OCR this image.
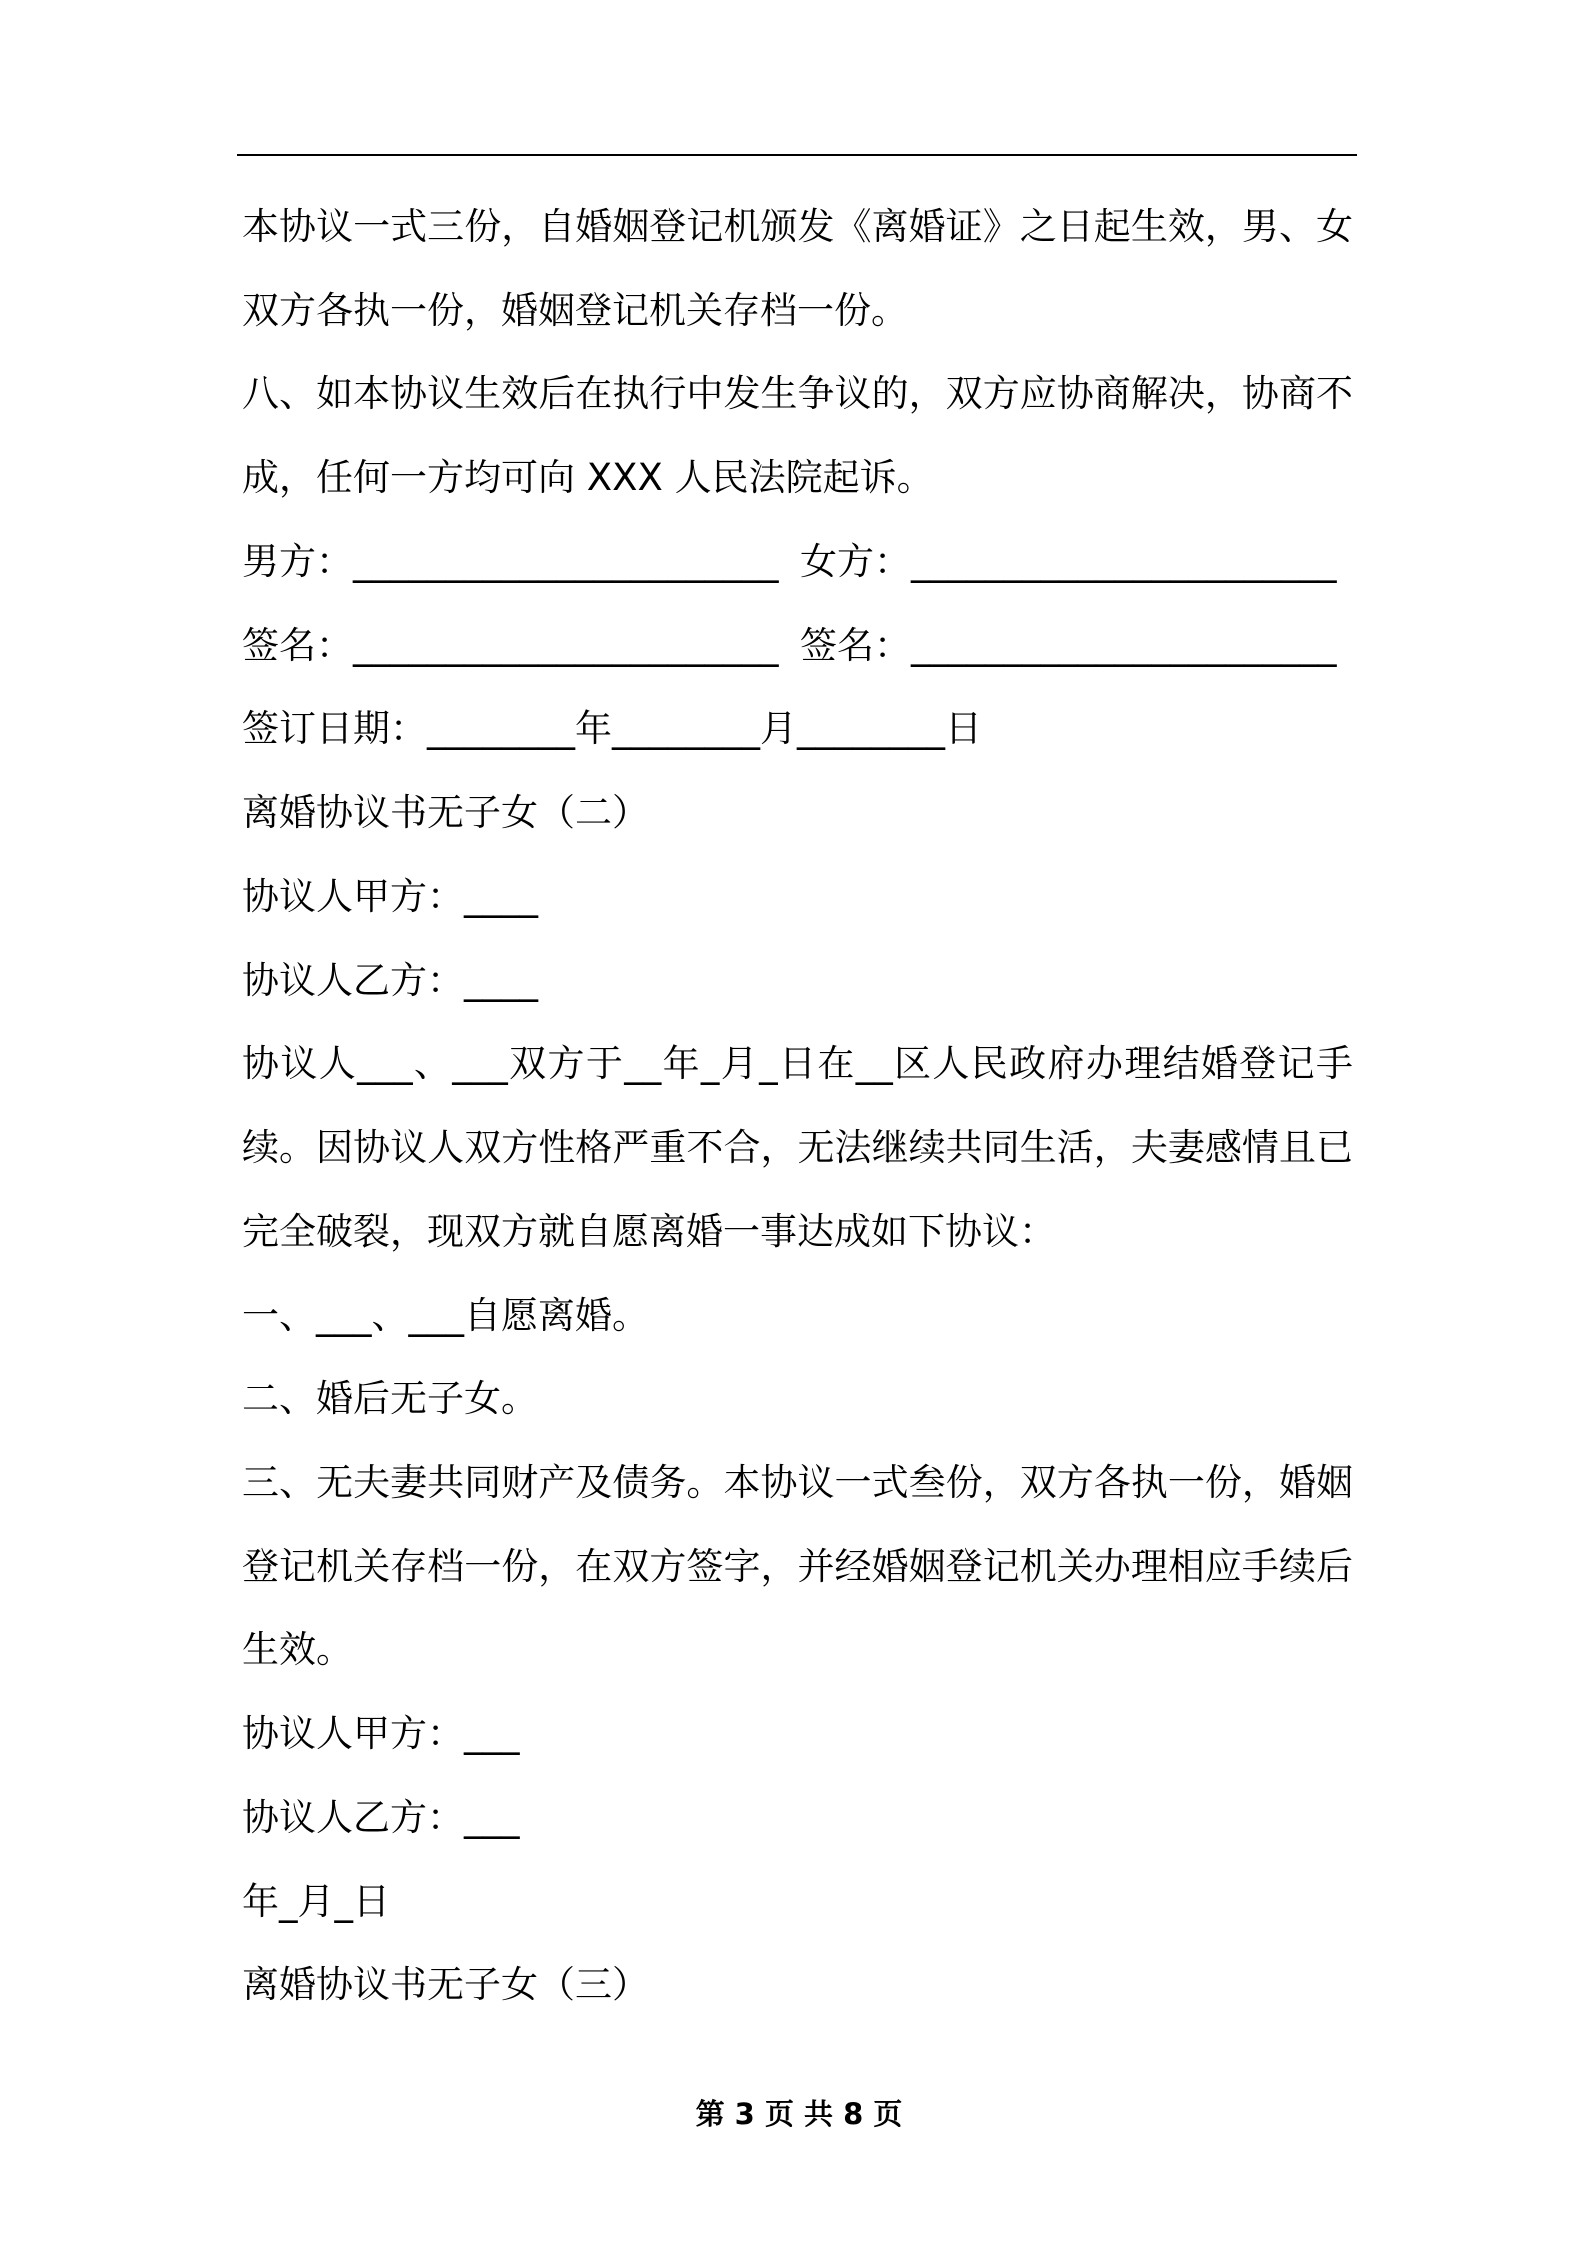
本协议一式三份，自婚姻登记机颁发《离婚证》之日起生效，男、女
双方各执一份，婚姻登记机关存档一份。
八、如本协议生效后在执行中发生争议的，双方应协商解决，协商不
成，任何一方均可向 XXX 人民法院起诉。
男方：_______________________ 女方：_______________________
签名：_______________________ 签名：_______________________
签订日期：________年________月________日
离婚协议书无子女（二）
协议人甲方：____
协议人乙方：____
协议人___、___双方于__年_月_日在__区人民政府办理结婚登记手
续。因协议人双方性格严重不合，无法继续共同生活，夫妻感情且已
完全破裂，现双方就自愿离婚一事达成如下协议：
一、___、___自愿离婚。
二、婚后无子女。
三、无夫妻共同财产及债务。本协议一式叁份，双方各执一份，婚姻
登记机关存档一份，在双方签字，并经婚姻登记机关办理相应手续后
生效。
协议人甲方：___
协议人乙方：___
年_月_日
离婚协议书无子女（三）
第 3 页 共 8 页
